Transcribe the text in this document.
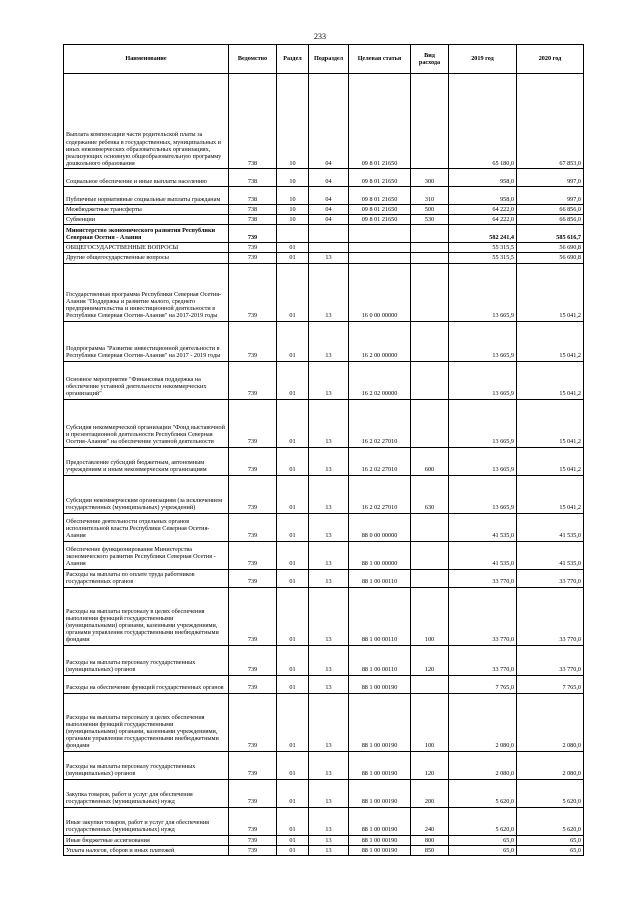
233
Наименование	Ведомство	Раздел	Подраздел	Целевая статья	Вид расхода	2019 год	2020 год
Выплата компенсации части родительской платы за содержание ребенка в государственных, муниципальных и иных некоммерческих образовательных организациях, реализующих основную общеобразовательную программу дошкольного образования	738	10	04	09 8 01 21650		65 180,0	67 853,0
Социальное обеспечение и иные выплаты населению	738	10	04	09 8 01 21650	300	958,0	997,0
Публичные нормативные социальные выплаты гражданам	738	10	04	09 8 01 21650	310	958,0	997,0
Межбюджетные трансферты	738	10	04	09 8 01 21650	500	64 222,0	66 856,0
Субвенции	738	10	04	09 8 01 21650	530	64 222,0	66 856,0
Министерство экономического развития Республики Северная Осетия - Алания	739					582 241,4	585 616,7
ОБЩЕГОСУДАРСТВЕННЫЕ ВОПРОСЫ	739	01				55 315,5	56 690,8
Другие общегосударственные вопросы	739	01	13			55 315,5	56 690,8
Государственная программа Республики Северная Осетия-Алания "Поддержка и развитие малого, среднего предпринимательства и инвестиционной деятельности в Республике Северная Осетия-Алания" на 2017-2019 годы	739	01	13	16 0 00 00000		13 665,9	15 041,2
Подпрограмма "Развитие инвестиционной деятельности в Республике Северная Осетия-Алания" на 2017 - 2019 годы	739	01	13	16 2 00 00000		13 665,9	15 041,2
Основное мероприятие "Финансовая поддержка на обеспечение уставной деятельности некоммерческих организаций"	739	01	13	16 2 02 00000		13 665,9	15 041,2
Субсидия некоммерческой организации "Фонд выставочной и презентационной деятельности Республики Северная Осетия-Алания" на обеспечение уставной деятельности	739	01	13	16 2 02 27010		13 665,9	15 041,2
Предоставление субсидий бюджетным, автономным учреждениям и иным некоммерческим организациям	739	01	13	16 2 02 27010	600	13 665,9	15 041,2
Субсидии некоммерческим организациям (за исключением государственных (муниципальных) учреждений)	739	01	13	16 2 02 27010	630	13 665,9	15 041,2
Обеспечение деятельности отдельных органов исполнительной власти Республики Северная Осетия-Алания	739	01	13	88 0 00 00000		41 535,0	41 535,0
Обеспечение функционирования Министерства экономического развития Республики Северная Осетия - Алания	739	01	13	88 1 00 00000		41 535,0	41 535,0
Расходы на выплаты по оплате труда работников государственных органов	739	01	13	88 1 00 00110		33 770,0	33 770,0
Расходы на выплаты персоналу в целях обеспечения выполнения функций государственными (муниципальными) органами, казенными учреждениями, органами управления государственными внебюджетными фондами	739	01	13	88 1 00 00110	100	33 770,0	33 770,0
Расходы на выплаты персоналу государственных (муниципальных) органов	739	01	13	88 1 00 00110	120	33 770,0	33 770,0
Расходы на обеспечение функций государственных органов	739	01	13	88 1 00 00190		7 765,0	7 765,0
Расходы на выплаты персоналу в целях обеспечения выполнения функций государственными (муниципальными) органами, казенными учреждениями, органами управления государственными внебюджетными фондами	739	01	13	88 1 00 00190	100	2 080,0	2 080,0
Расходы на выплаты персоналу государственных (муниципальных) органов	739	01	13	88 1 00 00190	120	2 080,0	2 080,0
Закупка товаров, работ и услуг для обеспечения государственных (муниципальных) нужд	739	01	13	88 1 00 00190	200	5 620,0	5 620,0
Иные закупки товаров, работ и услуг для обеспечения государственных (муниципальных) нужд	739	01	13	88 1 00 00190	240	5 620,0	5 620,0
Иные бюджетные ассигнования	739	01	13	88 1 00 00190	800	65,0	65,0
Уплата налогов, сборов и иных платежей	739	01	13	88 1 00 00190	850	65,0	65,0
